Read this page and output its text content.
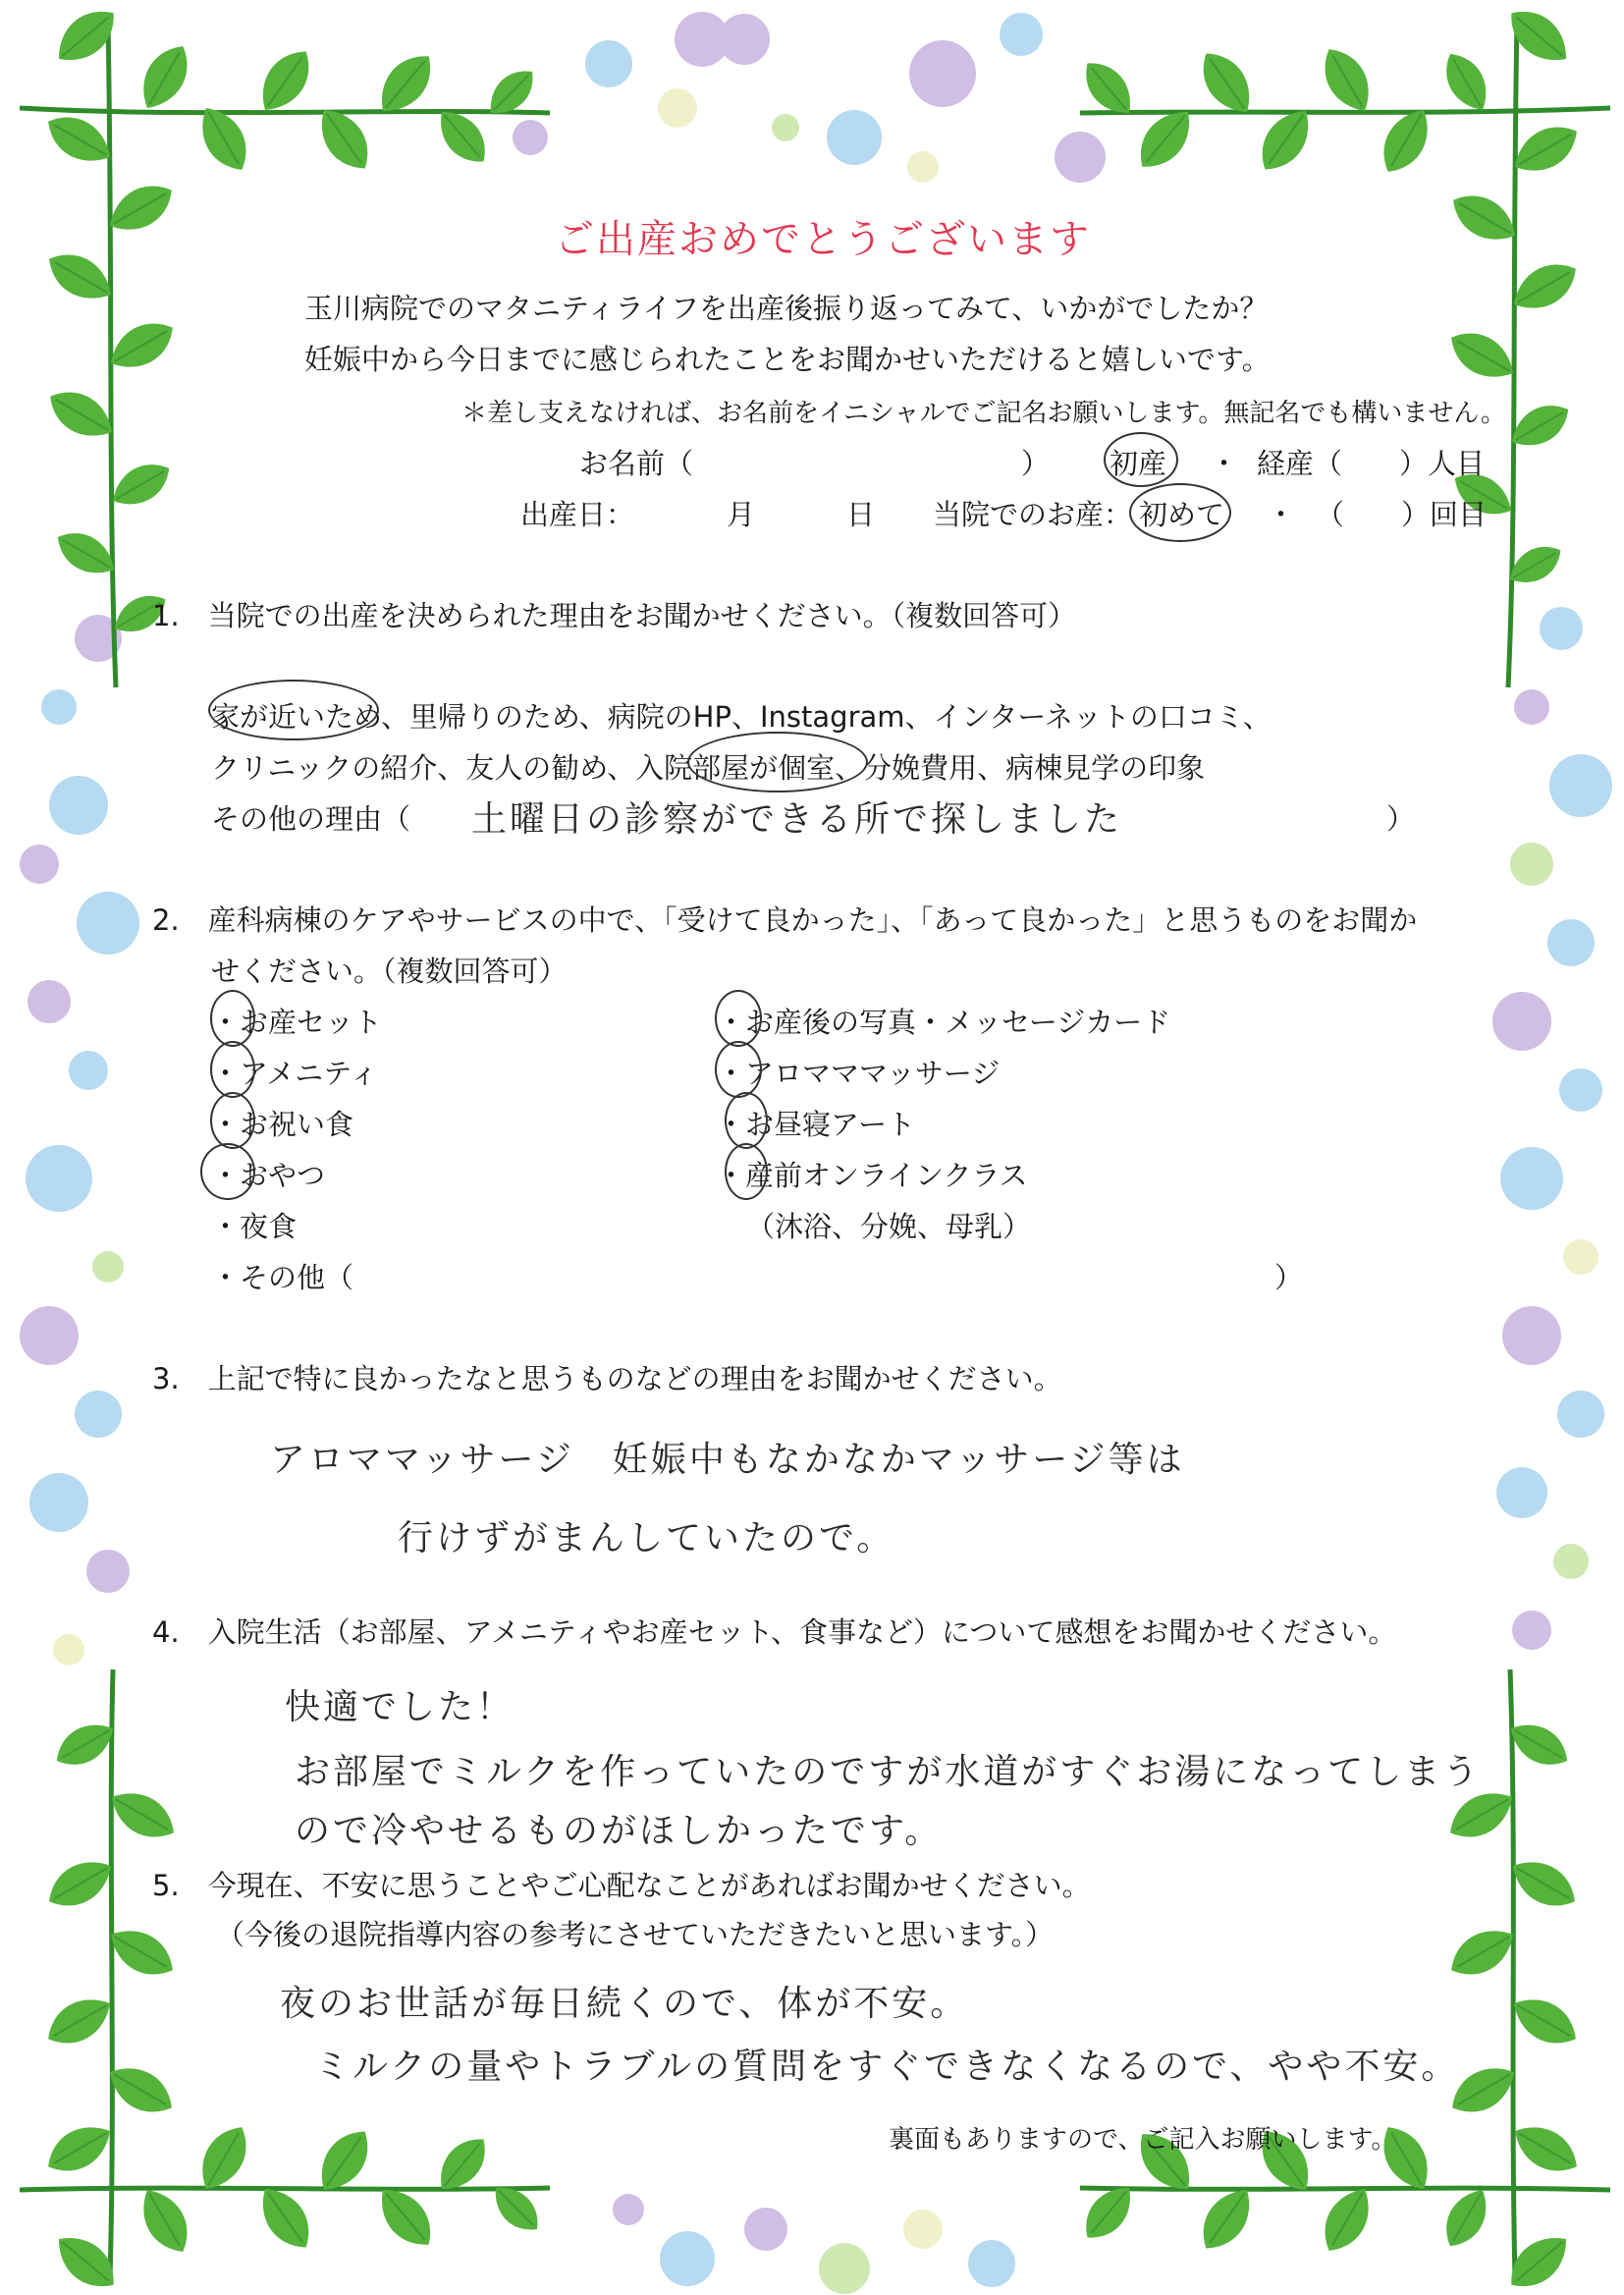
ご出産おめでとうございます
玉川病院でのマタニティライフを出産後振り返ってみて、いかがでしたか？
妊娠中から今日までに感じられたことをお聞かせいただけると嬉しいです。
＊差し支えなければ、お名前をイニシャルでご記名お願いします。無記名でも構いません。
お名前（	） 初産 ・ 経産（　　）人目
出産日：	月	日 当院でのお産： 初めて ・ （　　）回目
1.　当院での出産を決められた理由をお聞かせください。（複数回答可）
家が近いため、里帰りのため、病院のHP、Instagram、インターネットの口コミ、
クリニックの紹介、友人の勧め、入院部屋が個室、分娩費用、病棟見学の印象
その他の理由（ 土曜日の診察ができる所で探しました	）
2.　産科病棟のケアやサービスの中で、「受けて良かった」、「あって良かった」と思うものをお聞か
せください。（複数回答可）
・お産セット
・アメニティ
・お祝い食
・おやつ
・夜食
・その他（	）
・お産後の写真・メッセージカード
・アロマママッサージ
・お昼寝アート
・産前オンラインクラス
（沐浴、分娩、母乳）
3.　上記で特に良かったなと思うものなどの理由をお聞かせください。
アロママッサージ　妊娠中もなかなかマッサージ等は
行けずがまんしていたので。
4.　入院生活（お部屋、アメニティやお産セット、食事など）について感想をお聞かせください。
快適でした！
お部屋でミルクを作っていたのですが水道がすぐお湯になってしまう
ので冷やせるものがほしかったです。
5.　今現在、不安に思うことやご心配なことがあればお聞かせください。
（今後の退院指導内容の参考にさせていただきたいと思います。）
夜のお世話が毎日続くので、体が不安。
ミルクの量やトラブルの質問をすぐできなくなるので、やや不安。
裏面もありますので、ご記入お願いします。
